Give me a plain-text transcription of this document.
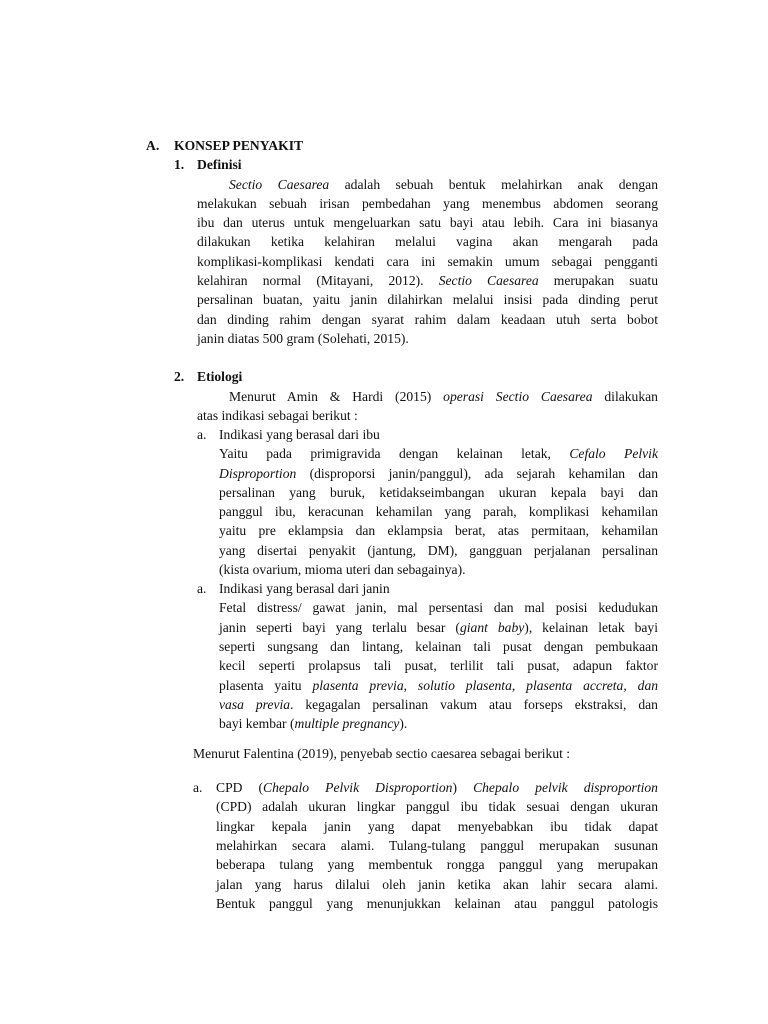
A. KONSEP PENYAKIT
1. Definisi
Sectio Caesarea adalah sebuah bentuk melahirkan anak dengan
melakukan sebuah irisan pembedahan yang menembus abdomen seorang
ibu dan uterus untuk mengeluarkan satu bayi atau lebih. Cara ini biasanya
dilakukan ketika kelahiran melalui vagina akan mengarah pada
komplikasi-komplikasi kendati cara ini semakin umum sebagai pengganti
kelahiran normal (Mitayani, 2012). Sectio Caesarea merupakan suatu
persalinan buatan, yaitu janin dilahirkan melalui insisi pada dinding perut
dan dinding rahim dengan syarat rahim dalam keadaan utuh serta bobot
janin diatas 500 gram (Solehati, 2015).
2. Etiologi
Menurut Amin & Hardi (2015) operasi Sectio Caesarea dilakukan
atas indikasi sebagai berikut :
a. Indikasi yang berasal dari ibu
Yaitu pada primigravida dengan kelainan letak, Cefalo Pelvik
Disproportion (disproporsi janin/panggul), ada sejarah kehamilan dan
persalinan yang buruk, ketidakseimbangan ukuran kepala bayi dan
panggul ibu, keracunan kehamilan yang parah, komplikasi kehamilan
yaitu pre eklampsia dan eklampsia berat, atas permitaan, kehamilan
yang disertai penyakit (jantung, DM), gangguan perjalanan persalinan
(kista ovarium, mioma uteri dan sebagainya).
a. Indikasi yang berasal dari janin
Fetal distress/ gawat janin, mal persentasi dan mal posisi kedudukan
janin seperti bayi yang terlalu besar (giant baby), kelainan letak bayi
seperti sungsang dan lintang, kelainan tali pusat dengan pembukaan
kecil seperti prolapsus tali pusat, terlilit tali pusat, adapun faktor
plasenta yaitu plasenta previa, solutio plasenta, plasenta accreta, dan
vasa previa. kegagalan persalinan vakum atau forseps ekstraksi, dan
bayi kembar (multiple pregnancy).
Menurut Falentina (2019), penyebab sectio caesarea sebagai berikut :
a. CPD (Chepalo Pelvik Disproportion) Chepalo pelvik disproportion
(CPD) adalah ukuran lingkar panggul ibu tidak sesuai dengan ukuran
lingkar kepala janin yang dapat menyebabkan ibu tidak dapat
melahirkan secara alami. Tulang-tulang panggul merupakan susunan
beberapa tulang yang membentuk rongga panggul yang merupakan
jalan yang harus dilalui oleh janin ketika akan lahir secara alami.
Bentuk panggul yang menunjukkan kelainan atau panggul patologis
